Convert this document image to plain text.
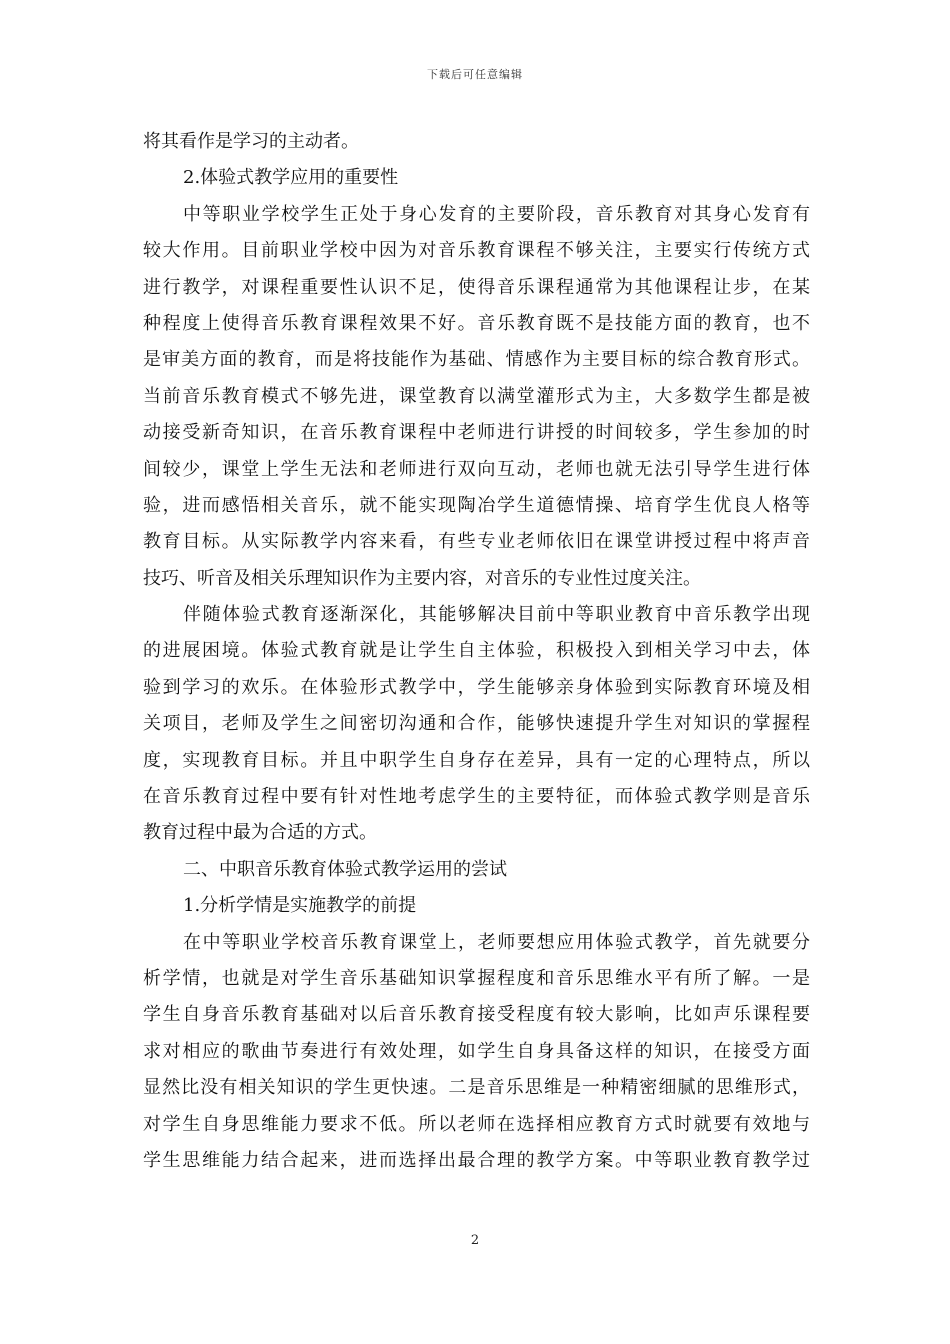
下载后可任意编辑
将其看作是学习的主动者。
2.体验式教学应用的重要性
中等职业学校学生正处于身心发育的主要阶段，音乐教育对其身心发育有
较大作用。目前职业学校中因为对音乐教育课程不够关注，主要实行传统方式
进行教学，对课程重要性认识不足，使得音乐课程通常为其他课程让步，在某
种程度上使得音乐教育课程效果不好。音乐教育既不是技能方面的教育，也不
是审美方面的教育，而是将技能作为基础、情感作为主要目标的综合教育形式。
当前音乐教育模式不够先进，课堂教育以满堂灌形式为主，大多数学生都是被
动接受新奇知识，在音乐教育课程中老师进行讲授的时间较多，学生参加的时
间较少，课堂上学生无法和老师进行双向互动，老师也就无法引导学生进行体
验，进而感悟相关音乐，就不能实现陶冶学生道德情操、培育学生优良人格等
教育目标。从实际教学内容来看，有些专业老师依旧在课堂讲授过程中将声音
技巧、听音及相关乐理知识作为主要内容，对音乐的专业性过度关注。
伴随体验式教育逐渐深化，其能够解决目前中等职业教育中音乐教学出现
的进展困境。体验式教育就是让学生自主体验，积极投入到相关学习中去，体
验到学习的欢乐。在体验形式教学中，学生能够亲身体验到实际教育环境及相
关项目，老师及学生之间密切沟通和合作，能够快速提升学生对知识的掌握程
度，实现教育目标。并且中职学生自身存在差异，具有一定的心理特点，所以
在音乐教育过程中要有针对性地考虑学生的主要特征，而体验式教学则是音乐
教育过程中最为合适的方式。
二、中职音乐教育体验式教学运用的尝试
1.分析学情是实施教学的前提
在中等职业学校音乐教育课堂上，老师要想应用体验式教学，首先就要分
析学情，也就是对学生音乐基础知识掌握程度和音乐思维水平有所了解。一是
学生自身音乐教育基础对以后音乐教育接受程度有较大影响，比如声乐课程要
求对相应的歌曲节奏进行有效处理，如学生自身具备这样的知识，在接受方面
显然比没有相关知识的学生更快速。二是音乐思维是一种精密细腻的思维形式，
对学生自身思维能力要求不低。所以老师在选择相应教育方式时就要有效地与
学生思维能力结合起来，进而选择出最合理的教学方案。中等职业教育教学过
2
